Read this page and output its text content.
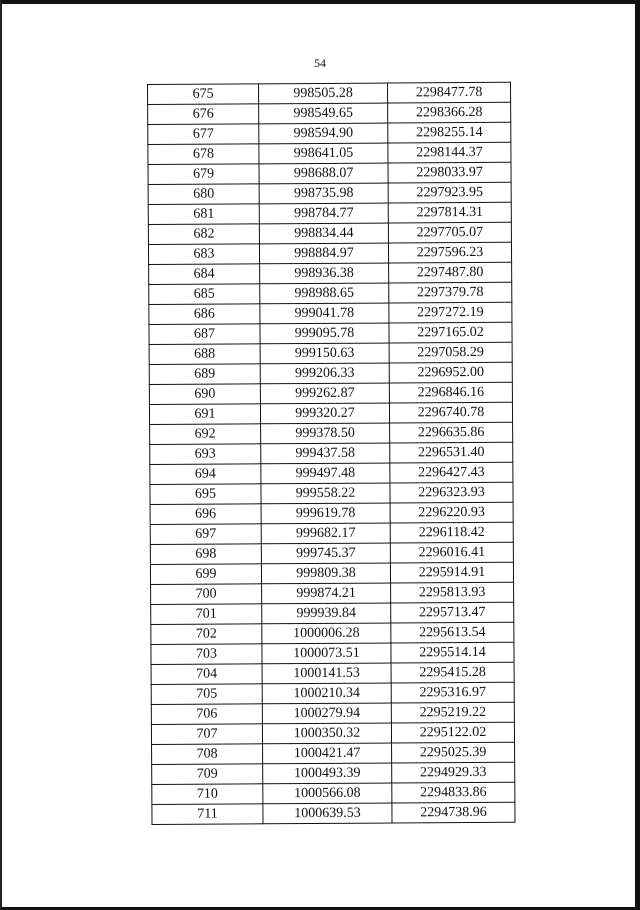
54
675	998505.28	2298477.78
676	998549.65	2298366.28
677	998594.90	2298255.14
678	998641.05	2298144.37
679	998688.07	2298033.97
680	998735.98	2297923.95
681	998784.77	2297814.31
682	998834.44	2297705.07
683	998884.97	2297596.23
684	998936.38	2297487.80
685	998988.65	2297379.78
686	999041.78	2297272.19
687	999095.78	2297165.02
688	999150.63	2297058.29
689	999206.33	2296952.00
690	999262.87	2296846.16
691	999320.27	2296740.78
692	999378.50	2296635.86
693	999437.58	2296531.40
694	999497.48	2296427.43
695	999558.22	2296323.93
696	999619.78	2296220.93
697	999682.17	2296118.42
698	999745.37	2296016.41
699	999809.38	2295914.91
700	999874.21	2295813.93
701	999939.84	2295713.47
702	1000006.28	2295613.54
703	1000073.51	2295514.14
704	1000141.53	2295415.28
705	1000210.34	2295316.97
706	1000279.94	2295219.22
707	1000350.32	2295122.02
708	1000421.47	2295025.39
709	1000493.39	2294929.33
710	1000566.08	2294833.86
711	1000639.53	2294738.96
